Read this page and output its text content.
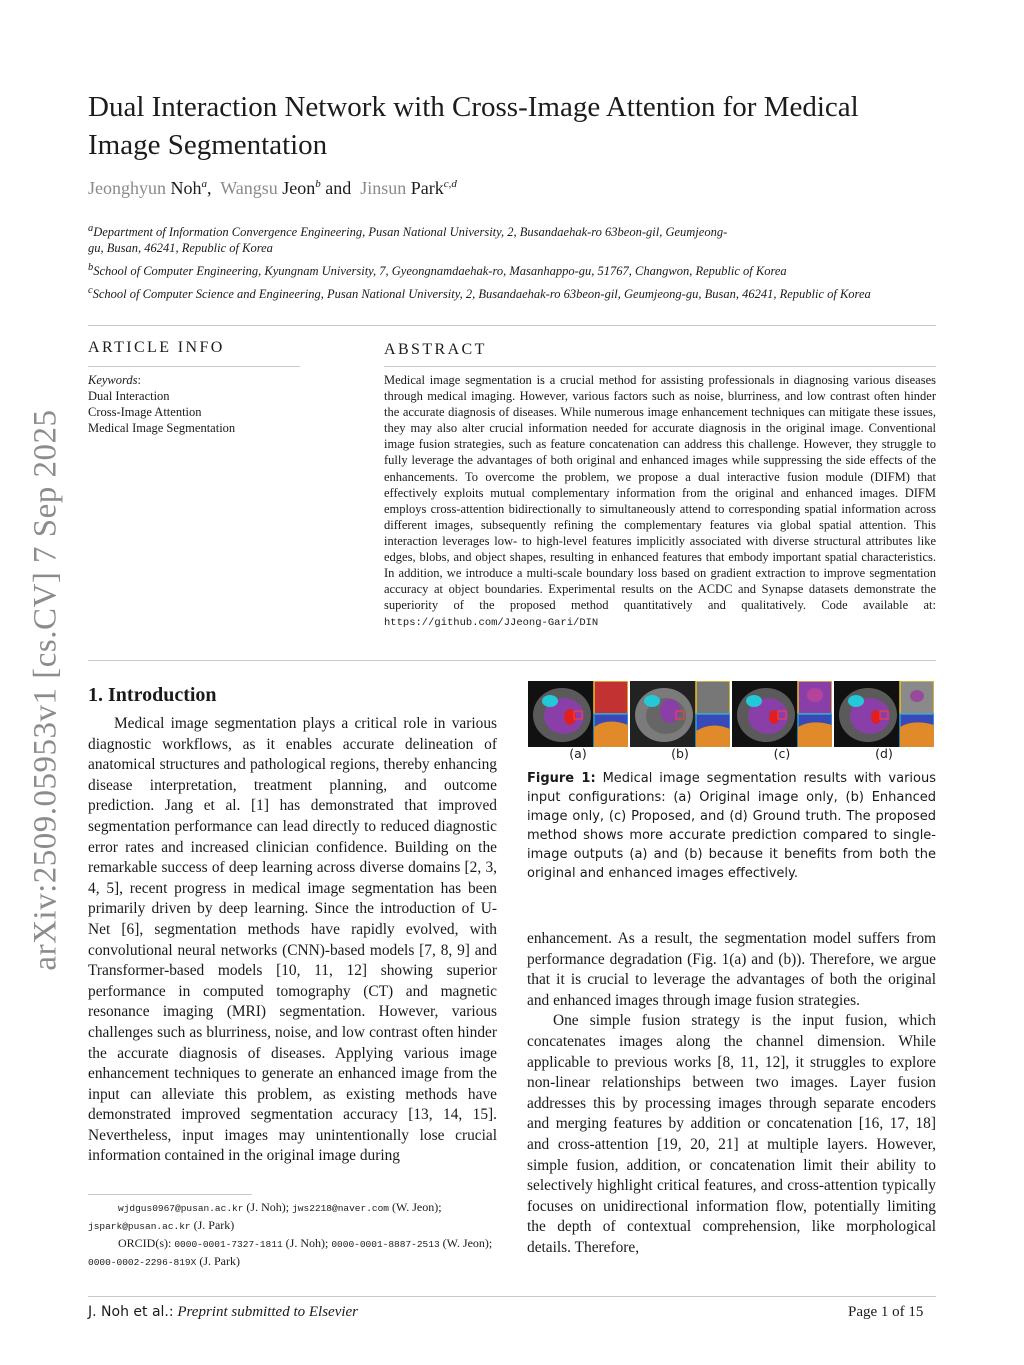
arXiv:2509.05953v1 [cs.CV] 7 Sep 2025
Dual Interaction Network with Cross-Image Attention for Medical Image Segmentation
Jeonghyun Noh$^a$, Wangsu Jeon$^b$ and Jinsun Park$^{c,d}$

$^a$Department of Information Convergence Engineering, Pusan National University, 2, Busandaehak-ro 63beon-gil, Geumjeong-gu, Busan, 46241, Republic of Korea

$^b$School of Computer Engineering, Kyungnam University, 7, Gyeongnamdaehak-ro, Masanhappo-gu, 51767, Changwon, Republic of Korea

$^c$School of Computer Science and Engineering, Pusan National University, 2, Busandaehak-ro 63beon-gil, Geumjeong-gu, Busan, 46241, Republic of Korea

ARTICLE INFO
Keywords:
Dual Interaction
Cross-Image Attention
Medical Image Segmentation
ABSTRACT
Medical image segmentation is a crucial method for assisting professionals in diagnosing various diseases through medical imaging. However, various factors such as noise, blurriness, and low contrast often hinder the accurate diagnosis of diseases. While numerous image enhancement techniques can mitigate these issues, they may also alter crucial information needed for accurate diagnosis in the original image. Conventional image fusion strategies, such as feature concatenation can address this challenge. However, they struggle to fully leverage the advantages of both original and enhanced images while suppressing the side effects of the enhancements. To overcome the problem, we propose a dual interactive fusion module (DIFM) that effectively exploits mutual complementary information from the original and enhanced images. DIFM employs cross-attention bidirectionally to simultaneously attend to corresponding spatial information across different images, subsequently refining the complementary features via global spatial attention. This interaction leverages low- to high-level features implicitly associated with diverse structural attributes like edges, blobs, and object shapes, resulting in enhanced features that embody important spatial characteristics. In addition, we introduce a multi-scale boundary loss based on gradient extraction to improve segmentation accuracy at object boundaries. Experimental results on the ACDC and Synapse datasets demonstrate the superiority of the proposed method quantitatively and qualitatively. Code available at: https://github.com/JJeong-Gari/DIN
1. Introduction

Medical image segmentation plays a critical role in various diagnostic workflows, as it enables accurate delineation of anatomical structures and pathological regions, thereby enhancing disease interpretation, treatment planning, and outcome prediction. Jang et al. [1] has demonstrated that improved segmentation performance can lead directly to reduced diagnostic error rates and increased clinician confidence. Building on the remarkable success of deep learning across diverse domains [2, 3, 4, 5], recent progress in medical image segmentation has been primarily driven by deep learning. Since the introduction of U-Net [6], segmentation methods have rapidly evolved, with convolutional neural networks (CNN)-based models [7, 8, 9] and Transformer-based models [10, 11, 12] showing superior performance in computed tomography (CT) and magnetic resonance imaging (MRI) segmentation. However, various challenges such as blurriness, noise, and low contrast often hinder the accurate diagnosis of diseases. Applying various image enhancement techniques to generate an enhanced image from the input can alleviate this problem, as existing methods have demonstrated improved segmentation accuracy [13, 14, 15]. Nevertheless, input images may unintentionally lose crucial information contained in the original image during

(a)	(b)	(c)	(d)
Figure 1: Medical image segmentation results with various input configurations: (a) Original image only, (b) Enhanced image only, (c) Proposed, and (d) Ground truth. The proposed method shows more accurate prediction compared to single-image outputs (a) and (b) because it benefits from both the original and enhanced images effectively.

enhancement. As a result, the segmentation model suffers from performance degradation (Fig. 1(a) and (b)). Therefore, we argue that it is crucial to leverage the advantages of both the original and enhanced images through image fusion strategies.

One simple fusion strategy is the input fusion, which concatenates images along the channel dimension. While applicable to previous works [8, 11, 12], it struggles to explore non-linear relationships between two images. Layer fusion addresses this by processing images through separate encoders and merging features by addition or concatenation [16, 17, 18] and cross-attention [19, 20, 21] at multiple layers. However, simple fusion, addition, or concatenation limit their ability to selectively highlight critical features, and cross-attention typically focuses on unidirectional information flow, potentially limiting the depth of contextual comprehension, like morphological details. Therefore,

wjdgus0967@pusan.ac.kr (J. Noh); jws2218@naver.com (W. Jeon); jspark@pusan.ac.kr (J. Park)
ORCID(s): 0000-0001-7327-1811 (J. Noh); 0000-0001-8887-2513 (W. Jeon); 0000-0002-2296-819X (J. Park)
J. Noh et al.: Preprint submitted to Elsevier	Page 1 of 15
